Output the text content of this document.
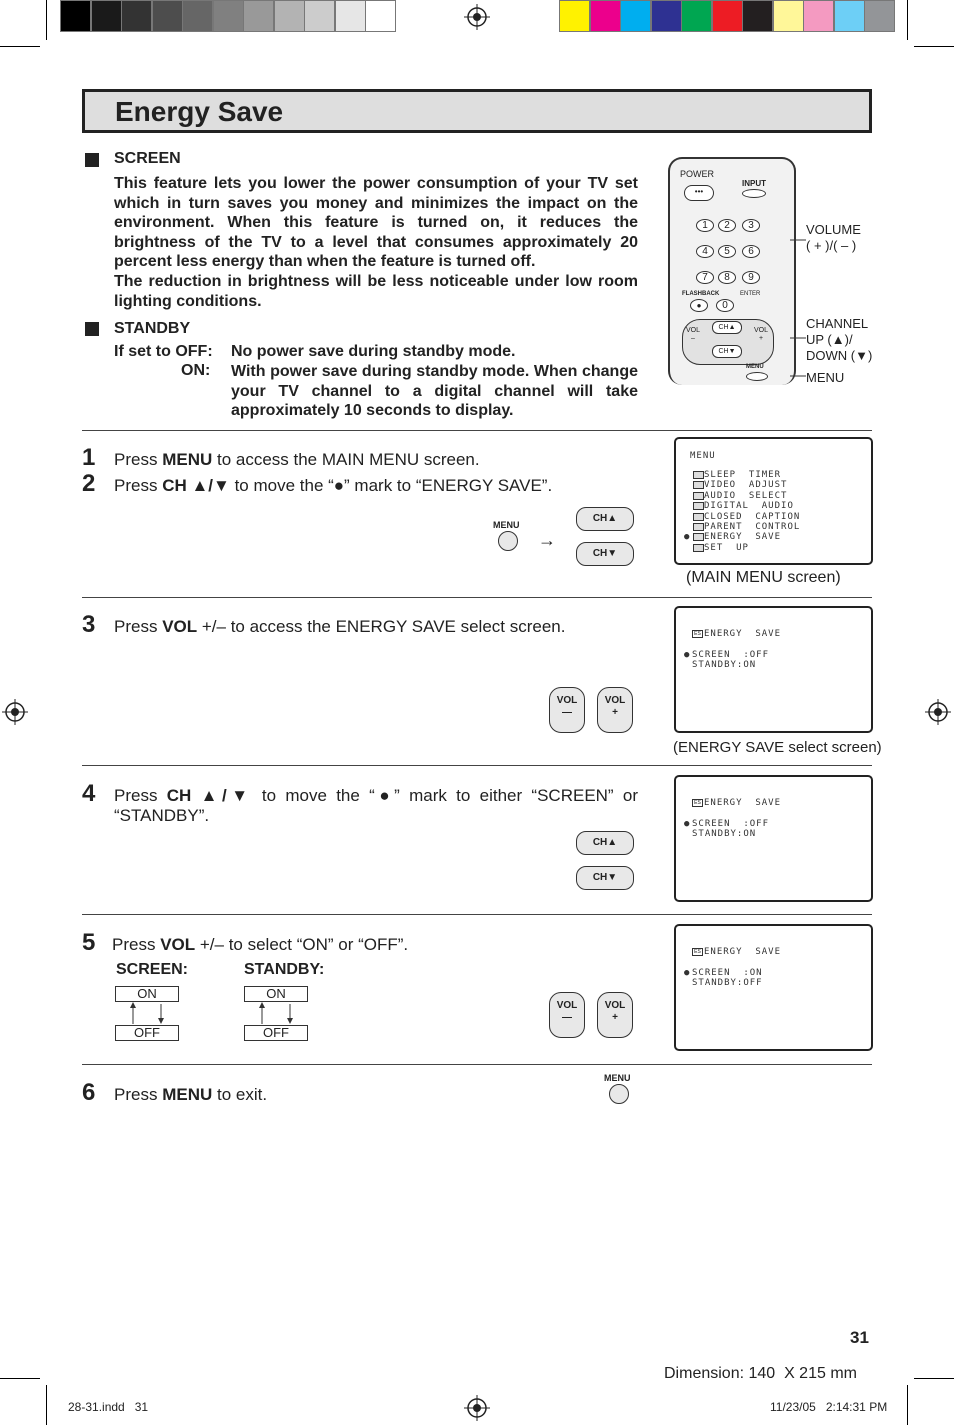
Energy Save
SCREEN
This feature lets you lower the power consumption of your TV set which in turn saves you money and minimizes the impact on the environment. When this feature is turned on, it reduces the brightness of the TV to a level that consumes approximately 20 percent less energy than when the feature is turned off.
The reduction in brightness will be less noticeable under low room lighting conditions.
STANDBY
If set to OFF: No power save during standby mode.
ON: With power save during standby mode. When change your TV channel to a digital channel will take approximately 10 seconds to display.
POWER
•••
INPUT
1	2	3
4	5	6
7	8	9
FLASHBACK	ENTER
●	0
CH▲
CH▼
VOL
–
VOL
+
MENU
VOLUME
( + )/( – )
CHANNEL
UP (▲)/
DOWN (▼)
MENU
1 Press MENU to access the MAIN MENU screen.
2 Press CH ▲/▼ to move the “●” mark to “ENERGY SAVE”.
MENU
→
CH▲
CH▼
MENU
SLEEP  TIMER
VIDEO  ADJUST
AUDIO  SELECT
DIGITAL  AUDIO
CLOSED  CAPTION
PARENT  CONTROL
● ENERGY  SAVE
SET  UP
(MAIN MENU screen)
3 Press VOL +/– to access the ENERGY SAVE select screen.
VOL
—
VOL
+
ES ENERGY  SAVE
● SCREEN  :OFF
STANDBY:ON
(ENERGY SAVE select screen)
4 Press CH ▲/▼ to move the “●” mark to either “SCREEN” or “STANDBY”.
CH▲
CH▼
ES ENERGY  SAVE
● SCREEN  :OFF
STANDBY:ON
5 Press VOL +/– to select “ON” or “OFF”.
SCREEN:	STANDBY:
ON
OFF
ON
OFF
VOL
—
VOL
+
ES ENERGY  SAVE
● SCREEN  :ON
STANDBY:OFF
6 Press MENU to exit.
MENU
31
Dimension: 140  X 215 mm
28-31.indd   31	11/23/05   2:14:31 PM
